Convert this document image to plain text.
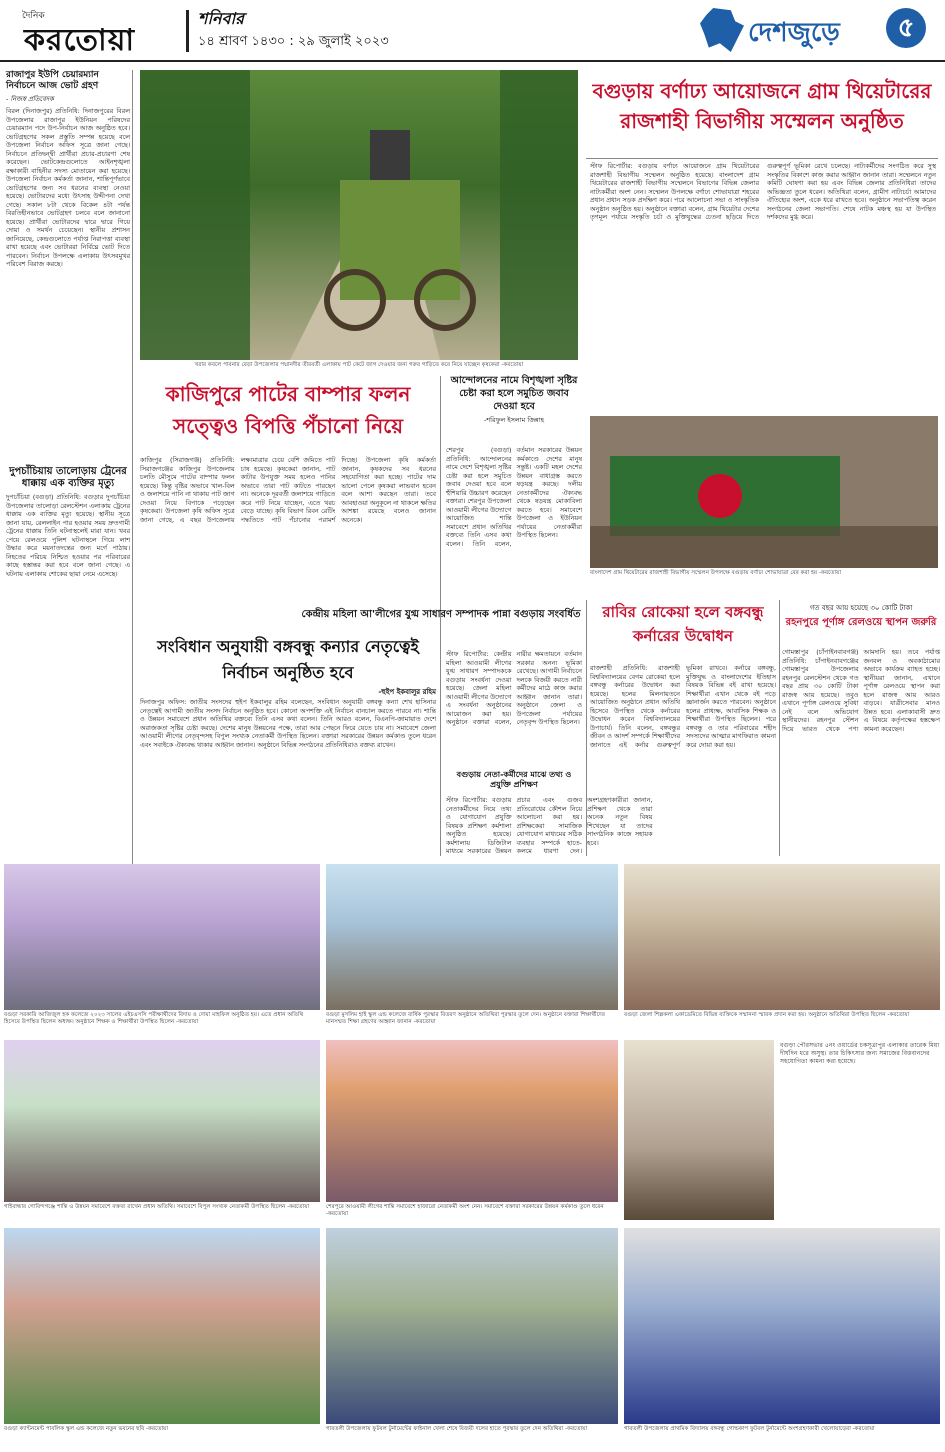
দৈনিক
করতোয়া
শনিবার
১৪ শ্রাবণ ১৪৩০ : ২৯ জুলাই ২০২৩	দেশজুড়ে	৫
রাজাপুর ইউপি চেয়ারম্যান নির্বাচনে আজ ভোট গ্রহণ
- নিজস্ব প্রতিবেদক
বিরল (দিনাজপুর) প্রতিনিধি: দিনাজপুরের বিরল উপজেলার রাজাপুর ইউনিয়ন পরিষদের চেয়ারম্যান পদে উপ-নির্বাচন আজ অনুষ্ঠিত হবে। ভোটগ্রহণের সকল প্রস্তুতি সম্পন্ন হয়েছে বলে উপজেলা নির্বাচন অফিস সূত্রে জানা গেছে। নির্বাচনে প্রতিদ্বন্দ্বী প্রার্থীরা প্রচার-প্রচারণা শেষ করেছেন। ভোটকেন্দ্রগুলোতে আইনশৃঙ্খলা রক্ষাকারী বাহিনীর সদস্য মোতায়েন করা হয়েছে। উপজেলা নির্বাচন কর্মকর্তা জানান, শান্তিপূর্ণভাবে ভোটগ্রহণের জন্য সব ধরনের ব্যবস্থা নেওয়া হয়েছে। ভোটারদের মধ্যে উৎসাহ উদ্দীপনা দেখা গেছে। সকাল ৮টা থেকে বিকেল ৪টা পর্যন্ত বিরতিহীনভাবে ভোটগ্রহণ চলবে বলে জানানো হয়েছে। প্রার্থীরা ভোটারদের দ্বারে দ্বারে গিয়ে দোয়া ও সমর্থন চেয়েছেন। স্থানীয় প্রশাসন জানিয়েছে, কেন্দ্রগুলোতে পর্যাপ্ত নিরাপত্তা ব্যবস্থা রাখা হয়েছে এবং ভোটাররা নির্বিঘ্নে ভোট দিতে পারবেন। নির্বাচন উপলক্ষে এলাকায় উৎসবমুখর পরিবেশ বিরাজ করছে।
দুপচাঁচিয়ায় তালোড়ায় ট্রেনের ধাক্কায় এক ব্যক্তির মৃত্যু
দুপচাঁচিয়া (বগুড়া) প্রতিনিধি: বগুড়ার দুপচাঁচিয়া উপজেলার তালোড়া রেলস্টেশন এলাকায় ট্রেনের ধাক্কায় এক ব্যক্তির মৃত্যু হয়েছে। স্থানীয় সূত্রে জানা যায়, রেললাইন পার হওয়ার সময় দ্রুতগামী ট্রেনের ধাক্কায় তিনি ঘটনাস্থলেই মারা যান। খবর পেয়ে রেলওয়ে পুলিশ ঘটনাস্থলে গিয়ে লাশ উদ্ধার করে ময়নাতদন্তের জন্য মর্গে পাঠায়। নিহতের পরিচয় নিশ্চিত হওয়ার পর পরিবারের কাছে হস্তান্তর করা হবে বলে জানা গেছে। এ ঘটনায় এলাকায় শোকের ছায়া নেমে এসেছে।
খরার কবলে পাবনার বেড়া উপজেলার পদ্মানদীর তীরবর্তী এলাকায় পাট কেটে জাগ দেওয়ার জন্য গরুর গাড়িতে করে নিয়ে যাচ্ছেন কৃষকেরা -করতোয়া
বগুড়ায় বর্ণাঢ্য আয়োজনে গ্রাম থিয়েটারের রাজশাহী বিভাগীয় সম্মেলন অনুষ্ঠিত
স্টাফ রিপোর্টার: বগুড়ায় বর্ণাঢ্য আয়োজনে গ্রাম থিয়েটারের রাজশাহী বিভাগীয় সম্মেলন অনুষ্ঠিত হয়েছে। বাংলাদেশ গ্রাম থিয়েটারের রাজশাহী বিভাগীয় সম্মেলনে বিভাগের বিভিন্ন জেলার নাট্যকর্মীরা অংশ নেন। সম্মেলন উপলক্ষে বর্ণাঢ্য শোভাযাত্রা শহরের প্রধান প্রধান সড়ক প্রদক্ষিণ করে। পরে আলোচনা সভা ও সাংস্কৃতিক অনুষ্ঠান অনুষ্ঠিত হয়। অনুষ্ঠানে বক্তারা বলেন, গ্রাম থিয়েটার দেশের তৃণমূল পর্যায়ে সংস্কৃতি চর্চা ও মুক্তিযুদ্ধের চেতনা ছড়িয়ে দিতে গুরুত্বপূর্ণ ভূমিকা রেখে চলেছে। নাট্যকর্মীদের সংগঠিত করে সুস্থ সংস্কৃতির বিকাশে কাজ করার আহ্বান জানান তারা। সম্মেলনে নতুন কমিটি ঘোষণা করা হয় এবং বিভিন্ন জেলার প্রতিনিধিরা তাদের অভিজ্ঞতা তুলে ধরেন। অতিথিরা বলেন, গ্রামীণ নাট্যচর্চা আমাদের ঐতিহ্যের অংশ, একে ধরে রাখতে হবে। অনুষ্ঠানে সভাপতিত্ব করেন সংগঠনের জেলা সভাপতি। শেষে নাটক মঞ্চস্থ হয় যা উপস্থিত দর্শকদের মুগ্ধ করে।
বাংলাদেশ গ্রাম থিয়েটারের রাজশাহী বিভাগীয় সম্মেলন উপলক্ষে বগুড়ায় বর্ণাঢ্য শোভাযাত্রা বের করা হয় -করতোয়া
কাজিপুরে পাটের বাম্পার ফলন সত্ত্বেও বিপত্তি পঁচানো নিয়ে
কাজিপুর (সিরাজগঞ্জ) প্রতিনিধি: সিরাজগঞ্জের কাজিপুর উপজেলায় চলতি মৌসুমে পাটের বাম্পার ফলন হয়েছে। কিন্তু বৃষ্টির অভাবে খাল-বিল ও জলাশয়ে পানি না থাকায় পাট জাগ দেওয়া নিয়ে বিপাকে পড়েছেন কৃষকেরা। উপজেলা কৃষি অফিস সূত্রে জানা গেছে, এ বছর উপজেলায় লক্ষ্যমাত্রার চেয়ে বেশি জমিতে পাট চাষ হয়েছে। কৃষকেরা জানান, পাট কাটার উপযুক্ত সময় হলেও পানির অভাবে তারা পাট কাটতে পারছেন না। অনেকে দূরবর্তী জলাশয়ে গাড়িতে করে পাট নিয়ে যাচ্ছেন, এতে খরচ বেড়ে যাচ্ছে। কৃষি বিভাগ রিবন রেটিং পদ্ধতিতে পাট পঁচানোর পরামর্শ দিচ্ছে। উপজেলা কৃষি কর্মকর্তা জানান, কৃষকদের সব ধরনের সহযোগিতা করা হচ্ছে। পাটের দাম ভালো পেলে কৃষকরা লাভবান হবেন বলে আশা করছেন তারা। তবে আবহাওয়া অনুকূলে না থাকলে ক্ষতির আশঙ্কা রয়েছে বলেও জানান অনেকে।
আন্দোলনের নামে বিশৃঙ্খলা সৃষ্টির চেষ্টা করা হলে সমুচিত জবাব দেওয়া হবে
-শরিফুল ইসলাম জিন্নাহ
শেরপুর (বগুড়া) প্রতিনিধি: আন্দোলনের নামে দেশে বিশৃঙ্খলা সৃষ্টির চেষ্টা করা হলে সমুচিত জবাব দেওয়া হবে বলে হুঁশিয়ারি উচ্চারণ করেছেন বক্তারা। শেরপুর উপজেলা আওয়ামী লীগের উদ্যোগে আয়োজিত শান্তি সমাবেশে প্রধান অতিথির বক্তব্যে তিনি এসব কথা বলেন। তিনি বলেন, বর্তমান সরকারের উন্নয়ন কর্মকাণ্ডে দেশের মানুষ সন্তুষ্ট। একটি মহল দেশের উন্নয়ন বাধাগ্রস্ত করতে ষড়যন্ত্র করছে। দলীয় নেতাকর্মীদের ঐক্যবদ্ধ থেকে ষড়যন্ত্র মোকাবিলা করতে হবে। সমাবেশে উপজেলা ও ইউনিয়ন পর্যায়ের নেতাকর্মীরা উপস্থিত ছিলেন।
কেন্দ্রীয় মহিলা আ'লীগের যুগ্ম সাধারণ সম্পাদক পান্না বগুড়ায় সংবর্ধিত
স্টাফ রিপোর্টার: কেন্দ্রীয় মহিলা আওয়ামী লীগের যুগ্ম সাধারণ সম্পাদককে বগুড়ায় সংবর্ধনা দেওয়া হয়েছে। জেলা মহিলা আওয়ামী লীগের উদ্যোগে এ সংবর্ধনা অনুষ্ঠানের আয়োজন করা হয়। অনুষ্ঠানে বক্তারা বলেন, নারীর ক্ষমতায়নে বর্তমান সরকার অনন্য ভূমিকা রেখেছে। আগামী নির্বাচনে দলকে বিজয়ী করতে নারী কর্মীদের মাঠে কাজ করার আহ্বান জানান তারা। অনুষ্ঠানে জেলা ও উপজেলা পর্যায়ের নেতৃবৃন্দ উপস্থিত ছিলেন।
সংবিধান অনুযায়ী বঙ্গবন্ধু কন্যার নেতৃত্বেই নির্বাচন অনুষ্ঠিত হবে
-হুইপ ইকবালুর রহিম
দিনাজপুর অফিস: জাতীয় সংসদের হুইপ ইকবালুর রহিম বলেছেন, সংবিধান অনুযায়ী বঙ্গবন্ধু কন্যা শেখ হাসিনার নেতৃত্বেই আগামী জাতীয় সংসদ নির্বাচন অনুষ্ঠিত হবে। কোনো অপশক্তি এই নির্বাচন বানচাল করতে পারবে না। শান্তি ও উন্নয়ন সমাবেশে প্রধান অতিথির বক্তব্যে তিনি এসব কথা বলেন। তিনি আরও বলেন, বিএনপি-জামায়াত দেশে অরাজকতা সৃষ্টির চেষ্টা করছে। দেশের মানুষ উন্নয়নের পক্ষে, তারা আর পেছনে ফিরে যেতে চায় না। সমাবেশে জেলা আওয়ামী লীগের নেতৃবৃন্দসহ বিপুল সংখ্যক নেতাকর্মী উপস্থিত ছিলেন। বক্তারা সরকারের উন্নয়ন কর্মকাণ্ড তুলে ধরেন এবং সবাইকে ঐক্যবদ্ধ থাকার আহ্বান জানান। অনুষ্ঠানে বিভিন্ন সংগঠনের প্রতিনিধিরাও বক্তব্য রাখেন।
বগুড়ায় নেতা-কর্মীদের মাঝে তথ্য ও প্রযুক্তি প্রশিক্ষণ
স্টাফ রিপোর্টার: বগুড়ায় নেতাকর্মীদের নিয়ে তথ্য ও যোগাযোগ প্রযুক্তি বিষয়ক প্রশিক্ষণ কর্মশালা অনুষ্ঠিত হয়েছে। কর্মশালায় ডিজিটাল মাধ্যমে সরকারের উন্নয়ন প্রচার এবং গুজব প্রতিরোধের কৌশল নিয়ে আলোচনা করা হয়। প্রশিক্ষকেরা সামাজিক যোগাযোগ মাধ্যমের সঠিক ব্যবহার সম্পর্কে হাতে-কলমে ধারণা দেন। অংশগ্রহণকারীরা জানান, প্রশিক্ষণ থেকে তারা অনেক নতুন বিষয় শিখেছেন যা তাদের সাংগঠনিক কাজে সহায়ক হবে।
রাবির রোকেয়া হলে বঙ্গবন্ধু কর্নারের উদ্বোধন
রাজশাহী প্রতিনিধি: রাজশাহী বিশ্ববিদ্যালয়ের বেগম রোকেয়া হলে বঙ্গবন্ধু কর্নারের উদ্বোধন করা হয়েছে। হলের মিলনায়তনে আয়োজিত অনুষ্ঠানে প্রধান অতিথি হিসেবে উপস্থিত থেকে কর্নারের উদ্বোধন করেন বিশ্ববিদ্যালয়ের উপাচার্য। তিনি বলেন, বঙ্গবন্ধুর জীবন ও আদর্শ সম্পর্কে শিক্ষার্থীদের জানাতে এই কর্নার গুরুত্বপূর্ণ ভূমিকা রাখবে। কর্নারে বঙ্গবন্ধু, মুক্তিযুদ্ধ ও বাংলাদেশের ইতিহাস বিষয়ক বিভিন্ন বই রাখা হয়েছে। শিক্ষার্থীরা এখান থেকে বই পড়ে জ্ঞানার্জন করতে পারবেন। অনুষ্ঠানে হলের প্রাধ্যক্ষ, আবাসিক শিক্ষক ও শিক্ষার্থীরা উপস্থিত ছিলেন। পরে বঙ্গবন্ধু ও তার পরিবারের শহীদ সদস্যদের আত্মার মাগফিরাত কামনা করে দোয়া করা হয়।
গত বছর আয় হয়েছে ৩০ কোটি টাকা
রহনপুরে পূর্ণাঙ্গ রেলওয়ে স্থাপন জরুরি
গোমস্তাপুর (চাঁপাইনবাবগঞ্জ) প্রতিনিধি: চাঁপাইনবাবগঞ্জের গোমস্তাপুর উপজেলার রহনপুর রেলস্টেশন থেকে গত বছর প্রায় ৩০ কোটি টাকা রাজস্ব আয় হয়েছে। তবুও এখানে পূর্ণাঙ্গ রেলওয়ে সুবিধা নেই বলে অভিযোগ স্থানীয়দের। রহনপুর স্টেশন দিয়ে ভারত থেকে পণ্য আমদানি হয়। তবে পর্যাপ্ত জনবল ও অবকাঠামোর অভাবে কার্যক্রম ব্যাহত হচ্ছে। স্থানীয়রা জানান, এখানে পূর্ণাঙ্গ রেলওয়ে স্থাপন করা হলে রাজস্ব আয় আরও বাড়বে। যাত্রীসেবার মানও উন্নত হবে। এলাকাবাসী দ্রুত এ বিষয়ে কর্তৃপক্ষের হস্তক্ষেপ কামনা করেছেন।
বগুড়া সরকারি আজিজুল হক কলেজে ২০২৩ সালের এইচএসসি পরীক্ষার্থীদের বিদায় ও দোয়া মাহফিল অনুষ্ঠিত হয়। এতে প্রধান অতিথি হিসেবে উপস্থিত ছিলেন অধ্যক্ষ। অনুষ্ঠানে শিক্ষক ও শিক্ষার্থীরা উপস্থিত ছিলেন -করতোয়া
বগুড়া মুসলিম হাই স্কুল এন্ড কলেজে বার্ষিক পুরস্কার বিতরণ অনুষ্ঠানে অতিথিরা পুরস্কার তুলে দেন। অনুষ্ঠানে বক্তারা শিক্ষার্থীদের মানসম্মত শিক্ষা গ্রহণের আহ্বান জানান -করতোয়া
বগুড়া জেলা শিল্পকলা একাডেমিতে বিভিন্ন ব্যক্তিকে সম্মাননা স্মারক প্রদান করা হয়। অনুষ্ঠানে অতিথিরা উপস্থিত ছিলেন -করতোয়া
গাইবান্ধার গোবিন্দগঞ্জে শান্তি ও উন্নয়ন সমাবেশে বক্তব্য রাখেন প্রধান অতিথি। সমাবেশে বিপুল সংখ্যক নেতাকর্মী উপস্থিত ছিলেন -করতোয়া	শেরপুরে আওয়ামী লীগের শান্তি সমাবেশে হাজারো নেতাকর্মী অংশ নেন। সমাবেশে বক্তারা সরকারের উন্নয়ন কর্মকাণ্ড তুলে ধরেন -করতোয়া
বগুড়া পৌরসভার ৫নং ওয়ার্ডের চকসূত্রাপুর এলাকার তারেক মিয়া দীর্ঘদিন ধরে অসুস্থ। তার চিকিৎসার জন্য সমাজের বিত্তবানদের সহযোগিতা কামনা করা হয়েছে।
বগুড়া ক্যান্টনমেন্ট পাবলিক স্কুল এন্ড কলেজে নতুন ভবনের ছবি -করতোয়া	গাবতলী উপজেলায় ফুটবল টুর্নামেন্টের ফাইনাল খেলা শেষে বিজয়ী দলের হাতে পুরস্কার তুলে দেন অতিথিরা -করতোয়া	গাবতলী উপজেলায় প্রাথমিক বিদ্যালয় বঙ্গবন্ধু গোল্ডকাপ ফুটবল টুর্নামেন্টে অংশগ্রহণকারী খেলোয়াড়েরা -করতোয়া
